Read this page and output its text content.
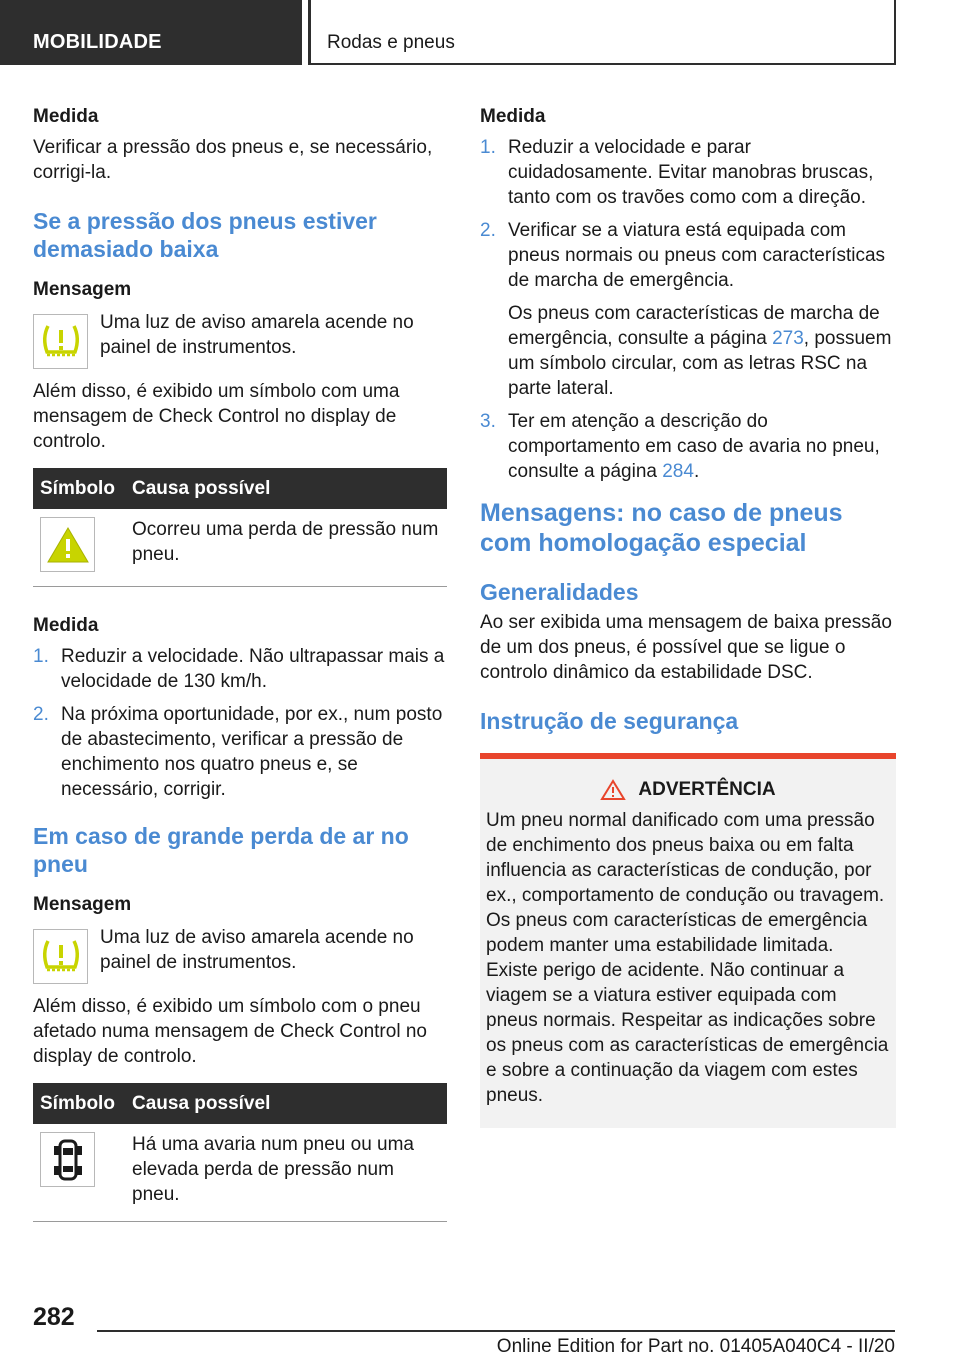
MOBILIDADE	Rodas e pneus
Medida

Verificar a pressão dos pneus e, se necessário, corrigi-la.

Se a pressão dos pneus estiver demasiado baixa
Mensagem

Uma luz de aviso amarela acende no painel de instrumentos.

Além disso, é exibido um símbolo com uma mensagem de Check Control no display de controlo.

Símbolo	Causa possível

	Ocorreu uma perda de pressão num pneu.
Medida
1. Reduzir a velocidade. Não ultrapassar mais a velocidade de 130 km/h.
2. Na próxima oportunidade, por ex., num posto de abastecimento, verificar a pressão de enchimento nos quatro pneus e, se necessário, corrigir.
Em caso de grande perda de ar no pneu
Mensagem

Uma luz de aviso amarela acende no painel de instrumentos.

Além disso, é exibido um símbolo com o pneu afetado numa mensagem de Check Control no display de controlo.

Símbolo	Causa possível

	Há uma avaria num pneu ou uma elevada perda de pressão num pneu.
Medida
1. Reduzir a velocidade e parar cuidadosamente. Evitar manobras bruscas, tanto com os travões como com a direção.
2. Verificar se a viatura está equipada com pneus normais ou pneus com características de marcha de emergência.

Os pneus com características de marcha de emergência, consulte a página 273, possuem um símbolo circular, com as letras RSC na parte lateral.

3. Ter em atenção a descrição do comportamento em caso de avaria no pneu, consulte a página 284.
Mensagens: no caso de pneus com homologação especial
Generalidades

Ao ser exibida uma mensagem de baixa pressão de um dos pneus, é possível que se ligue o controlo dinâmico da estabilidade DSC.

Instrução de segurança
ADVERTÊNCIA

Um pneu normal danificado com uma pressão de enchimento dos pneus baixa ou em falta influencia as características de condução, por ex., comportamento de condução ou travagem. Os pneus com características de emergência podem manter uma estabilidade limitada. Existe perigo de acidente. Não continuar a viagem se a viatura estiver equipada com pneus normais. Respeitar as indicações sobre os pneus com as características de emergência e sobre a continuação da viagem com estes pneus.

282
Online Edition for Part no. 01405A040C4 - II/20
